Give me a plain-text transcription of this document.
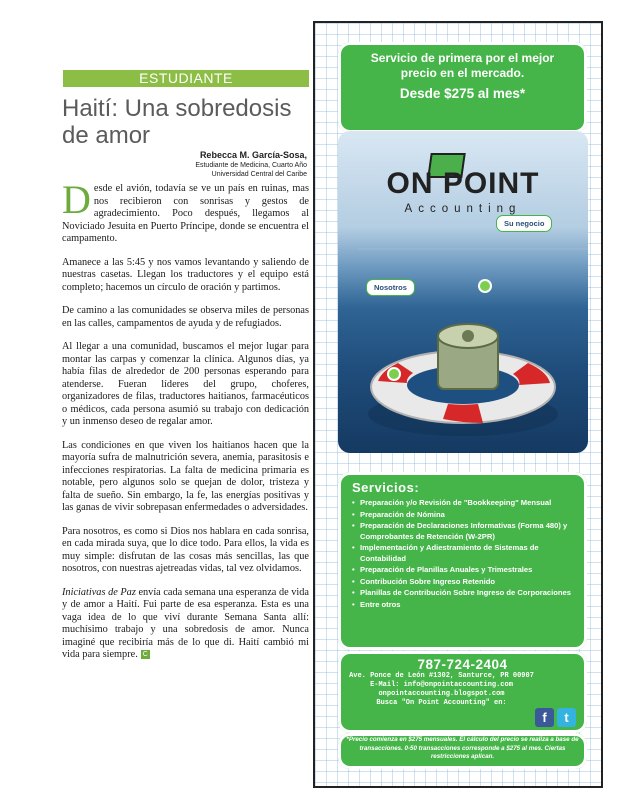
ESTUDIANTE
Haití: Una sobredosis de amor
Rebecca M. García-Sosa,
Estudiante de Medicina, Cuarto Año
Universidad Central del Caribe

Desde el avión, todavía se ve un país en ruinas, mas nos recibieron con sonrisas y gestos de agradecimiento. Poco después, llegamos al Noviciado Jesuita en Puerto Príncipe, donde se encuentra el campamento.

Amanece a las 5:45 y nos vamos levantando y saliendo de nuestras casetas. Llegan los traductores y el equipo está completo; hacemos un círculo de oración y partimos.

De camino a las comunidades se observa miles de personas en las calles, campamentos de ayuda y de refugiados.

Al llegar a una comunidad, buscamos el mejor lugar para montar las carpas y comenzar la clínica. Algunos días, ya había filas de alrededor de 200 personas esperando para atenderse. Fueran líderes del grupo, choferes, organizadores de filas, traductores haitianos, farmacéuticos o médicos, cada persona asumió su trabajo con dedicación y un inmenso deseo de regalar amor.

Las condiciones en que viven los haitianos hacen que la mayoría sufra de malnutrición severa, anemia, parasitosis e infecciones respiratorias. La falta de medicina primaria es notable, pero algunos solo se quejan de dolor, tristeza y falta de sueño. Sin embargo, la fe, las energías positivas y las ganas de vivir sobrepasan enfermedades o adversidades.

Para nosotros, es como si Dios nos hablara en cada sonrisa, en cada mirada suya, que lo dice todo. Para ellos, la vida es muy simple: disfrutan de las cosas más sencillas, las que nosotros, con nuestras ajetreadas vidas, tal vez olvidamos.

Iniciativas de Paz envía cada semana una esperanza de vida y de amor a Haití. Fui parte de esa esperanza. Esta es una vaga idea de lo que viví durante Semana Santa allí: muchísimo trabajo y una sobredosis de amor. Nunca imaginé que recibiría más de lo que di. Haití cambió mi vida para siempre. C

Servicio de primera por el mejor
precio en el mercado.
Desde $275 al mes*
ON POINT
Accounting
Su negocio
Nosotros
Servicios:
• Preparación y/o Revisión de "Bookkeeping" Mensual
• Preparación de Nómina
• Preparación de Declaraciones Informativas (Forma 480) y Comprobantes de Retención (W-2PR)
• Implementación y Adiestramiento de Sistemas de Contabilidad
• Preparación de Planillas Anuales y Trimestrales
• Contribución Sobre Ingreso Retenido
• Planillas de Contribución Sobre Ingreso de Corporaciones
• Entre otros
787-724-2404
Ave. Ponce de León #1302, Santurce, PR 00907
E-Mail: info@onpointaccounting.com
onpointaccounting.blogspot.com
Busca "On Point Accounting" en:
f	t
*Precio comienza en $275 mensuales. El cálculo del precio se realiza a base de transacciones. 0-50 transacciones corresponde a $275 al mes. Ciertas restricciones aplican.
